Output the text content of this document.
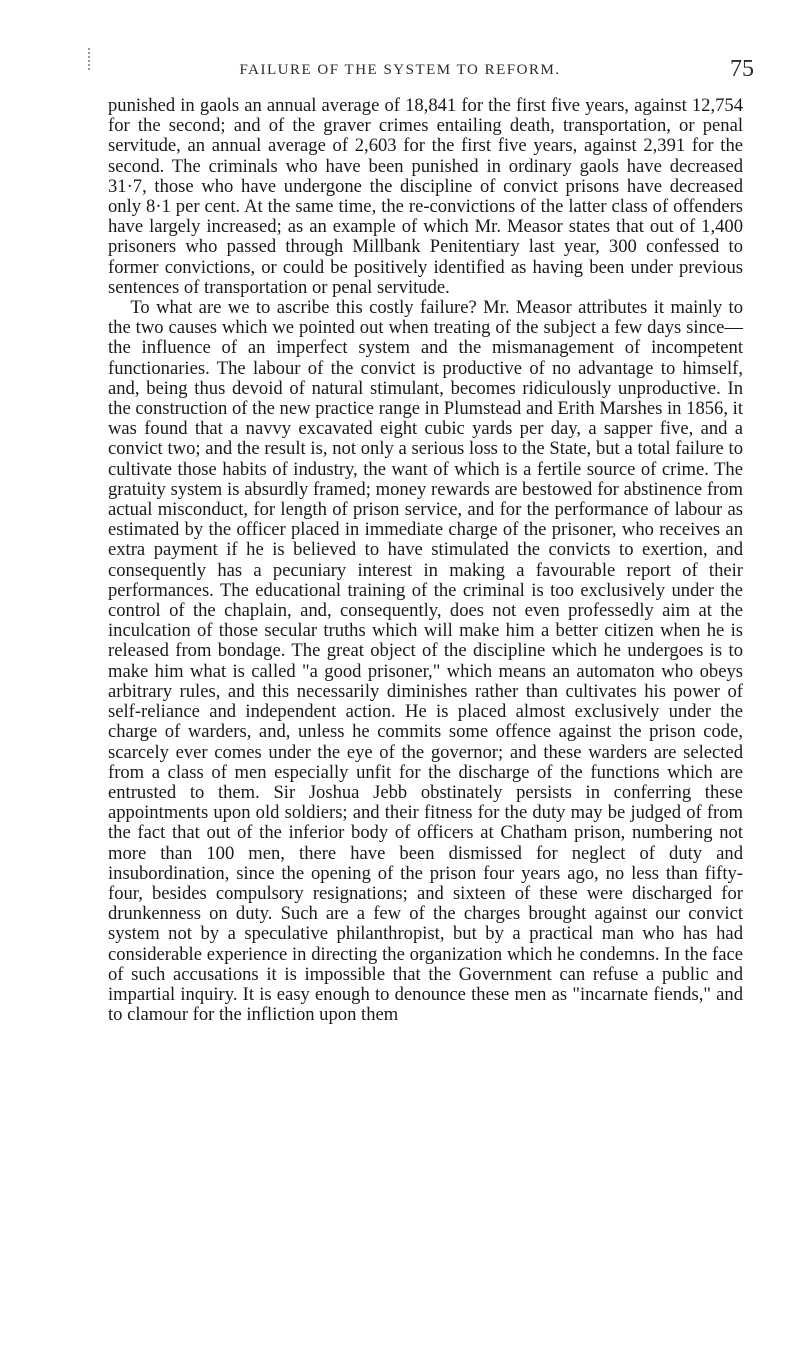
FAILURE OF THE SYSTEM TO REFORM.	75

punished in gaols an annual average of 18,841 for the first five years, against 12,754 for the second; and of the graver crimes entailing death, transportation, or penal servitude, an annual average of 2,603 for the first five years, against 2,391 for the second. The criminals who have been punished in ordinary gaols have decreased 31·7, those who have undergone the discipline of convict prisons have decreased only 8·1 per cent. At the same time, the re-convictions of the latter class of offenders have largely increased; as an example of which Mr. Measor states that out of 1,400 prisoners who passed through Millbank Penitentiary last year, 300 confessed to former convictions, or could be positively identified as having been under previous sentences of transportation or penal servitude.

To what are we to ascribe this costly failure? Mr. Measor attributes it mainly to the two causes which we pointed out when treating of the subject a few days since—the influence of an imperfect system and the mismanagement of incompetent functionaries. The labour of the convict is productive of no advantage to himself, and, being thus devoid of natural stimulant, becomes ridiculously unproductive. In the construction of the new practice range in Plumstead and Erith Marshes in 1856, it was found that a navvy excavated eight cubic yards per day, a sapper five, and a convict two; and the result is, not only a serious loss to the State, but a total failure to cultivate those habits of industry, the want of which is a fertile source of crime. The gratuity system is absurdly framed; money rewards are bestowed for abstinence from actual misconduct, for length of prison service, and for the performance of labour as estimated by the officer placed in immediate charge of the prisoner, who receives an extra payment if he is believed to have stimulated the convicts to exertion, and consequently has a pecuniary interest in making a favourable report of their performances. The educational training of the criminal is too exclusively under the control of the chaplain, and, consequently, does not even professedly aim at the inculcation of those secular truths which will make him a better citizen when he is released from bondage. The great object of the discipline which he undergoes is to make him what is called "a good prisoner," which means an automaton who obeys arbitrary rules, and this necessarily diminishes rather than cultivates his power of self-reliance and independent action. He is placed almost exclusively under the charge of warders, and, unless he commits some offence against the prison code, scarcely ever comes under the eye of the governor; and these warders are selected from a class of men especially unfit for the discharge of the functions which are entrusted to them. Sir Joshua Jebb obstinately persists in conferring these appointments upon old soldiers; and their fitness for the duty may be judged of from the fact that out of the inferior body of officers at Chatham prison, numbering not more than 100 men, there have been dismissed for neglect of duty and insubordination, since the opening of the prison four years ago, no less than fifty-four, besides compulsory resignations; and sixteen of these were discharged for drunkenness on duty. Such are a few of the charges brought against our convict system not by a speculative philanthropist, but by a practical man who has had considerable experience in directing the organization which he condemns. In the face of such accusations it is impossible that the Government can refuse a public and impartial inquiry. It is easy enough to denounce these men as "incarnate fiends," and to clamour for the infliction upon them
